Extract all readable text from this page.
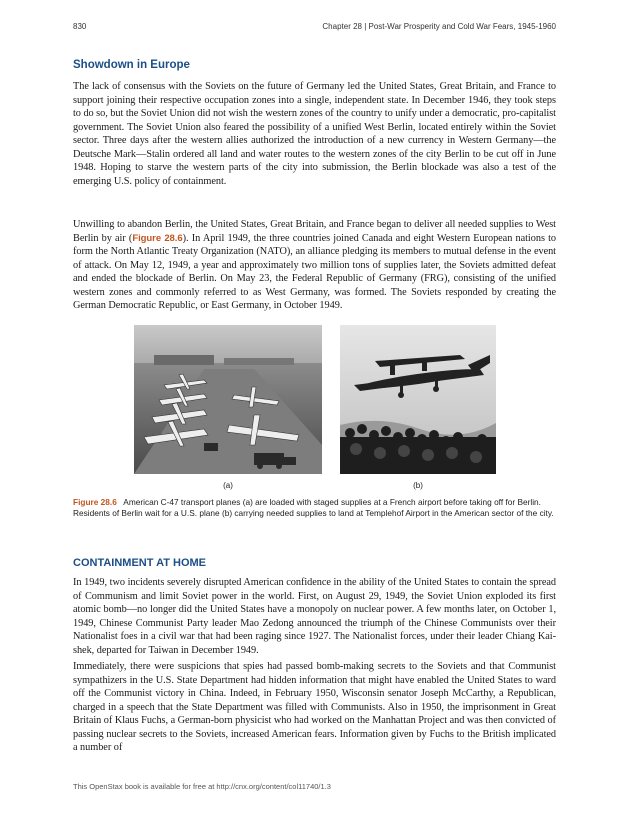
830	Chapter 28 | Post-War Prosperity and Cold War Fears, 1945-1960
Showdown in Europe

The lack of consensus with the Soviets on the future of Germany led the United States, Great Britain, and France to support joining their respective occupation zones into a single, independent state. In December 1946, they took steps to do so, but the Soviet Union did not wish the western zones of the country to unify under a democratic, pro-capitalist government. The Soviet Union also feared the possibility of a unified West Berlin, located entirely within the Soviet sector. Three days after the western allies authorized the introduction of a new currency in Western Germany—the Deutsche Mark—Stalin ordered all land and water routes to the western zones of the city Berlin to be cut off in June 1948. Hoping to starve the western parts of the city into submission, the Berlin blockade was also a test of the emerging U.S. policy of containment.

Unwilling to abandon Berlin, the United States, Great Britain, and France began to deliver all needed supplies to West Berlin by air (Figure 28.6). In April 1949, the three countries joined Canada and eight Western European nations to form the North Atlantic Treaty Organization (NATO), an alliance pledging its members to mutual defense in the event of attack. On May 12, 1949, a year and approximately two million tons of supplies later, the Soviets admitted defeat and ended the blockade of Berlin. On May 23, the Federal Republic of Germany (FRG), consisting of the unified western zones and commonly referred to as West Germany, was formed. The Soviets responded by creating the German Democratic Republic, or East Germany, in October 1949.

(a)	(b)

Figure 28.6 American C-47 transport planes (a) are loaded with staged supplies at a French airport before taking off for Berlin. Residents of Berlin wait for a U.S. plane (b) carrying needed supplies to land at Templehof Airport in the American sector of the city.

CONTAINMENT AT HOME

In 1949, two incidents severely disrupted American confidence in the ability of the United States to contain the spread of Communism and limit Soviet power in the world. First, on August 29, 1949, the Soviet Union exploded its first atomic bomb—no longer did the United States have a monopoly on nuclear power. A few months later, on October 1, 1949, Chinese Communist Party leader Mao Zedong announced the triumph of the Chinese Communists over their Nationalist foes in a civil war that had been raging since 1927. The Nationalist forces, under their leader Chiang Kai-shek, departed for Taiwan in December 1949.

Immediately, there were suspicions that spies had passed bomb-making secrets to the Soviets and that Communist sympathizers in the U.S. State Department had hidden information that might have enabled the United States to ward off the Communist victory in China. Indeed, in February 1950, Wisconsin senator Joseph McCarthy, a Republican, charged in a speech that the State Department was filled with Communists. Also in 1950, the imprisonment in Great Britain of Klaus Fuchs, a German-born physicist who had worked on the Manhattan Project and was then convicted of passing nuclear secrets to the Soviets, increased American fears. Information given by Fuchs to the British implicated a number of

This OpenStax book is available for free at http://cnx.org/content/col11740/1.3
